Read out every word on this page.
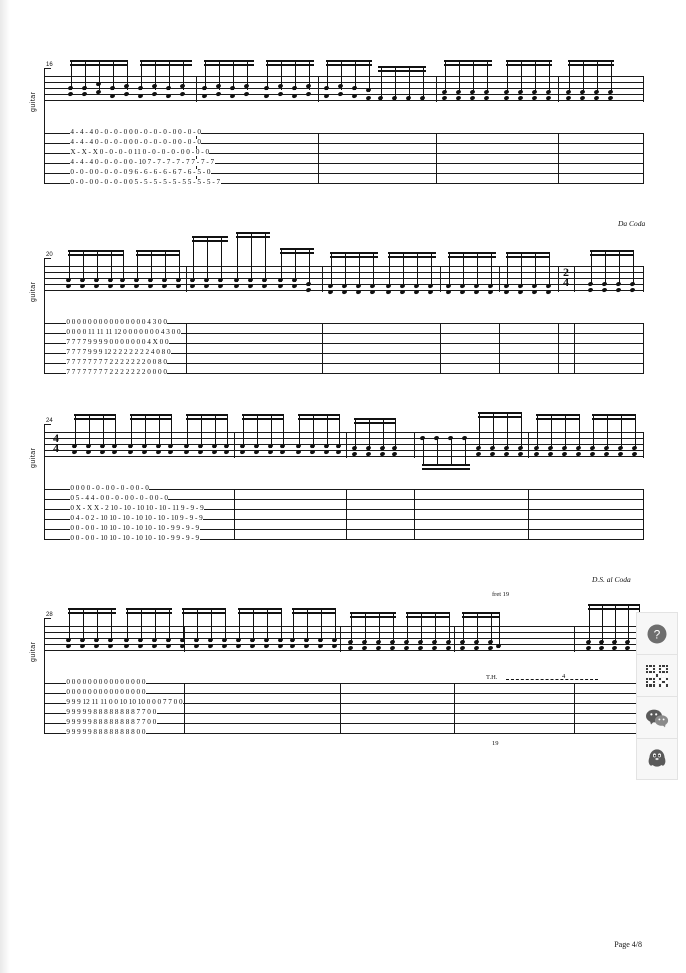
guitar
16
4 - 4 - 4 0 - 0 - 0 - 0 0 0 - 0 - 0 - 0 - 0 0 - 0 - 0
4 - 4 - 4 0 - 0 - 0 - 0 0 0 - 0 - 0 - 0 - 0 0 - 0 - 0
X - X - X 0 - 0 - 0 - 0 11 0 - 0 - 0 - 0 - 0 0 - 0 - 0
4 - 4 - 4 0 - 0 - 0 - 0 0 - 10 7 - 7 - 7 - 7 - 7 7 - 7 - 7
0 - 0 - 0 0 - 0 - 0 - 0 9 6 - 6 - 6 - 6 - 6 7 - 6 - 5 - 0
0 - 0 - 0 0 - 0 - 0 - 0 0 5 - 5 - 5 - 5 - 5 - 5 5 - 5 - 5 - 7
Da Coda
guitar
20
2
4
0 0 0 0 0 0 0 0 0 0 0 0 0 0 0 4 3 0 0
0 0 0 0 11 11 11 12 0 0 0 0 0 0 0 4 3 0 0
7 7 7 7 9 9 9 9 0 0 0 0 0 0 0 4 X 0 0
7 7 7 7 9 9 9 12 2 2 2 2 2 2 2 4 0 8 0
7 7 7 7 7 7 7 7 2 2 2 2 2 2 2 0 0 8 0
7 7 7 7 7 7 7 7 2 2 2 2 2 2 2 0 0 0 0
guitar
24
4
4
0 0 0 0 - 0 - 0 0 - 0 - 0 0 - 0
0 5 - 4 4 - 0 0 - 0 - 0 0 - 0 - 0 0 - 0
0 X - X X - 2 10 - 10 - 10 10 - 10 - 11 9 - 9 - 9
0 4 - 0 2 - 10 10 - 10 - 10 10 - 10 - 10 9 - 9 - 9
0 0 - 0 0 - 10 10 - 10 - 10 10 - 10 - 9 9 - 9 - 9
0 0 - 0 0 - 10 10 - 10 - 10 10 - 10 - 9 9 - 9 - 9
D.S. al Coda
fret 19
guitar
28
0 0 0 0 0 0 0 0 0 0 0 0 0 0 0
0 0 0 0 0 0 0 0 0 0 0 0 0 0 0
9 9 9 12 11 11 0 0 10 10 10 0 0 0 7 7 0 0
9 9 9 9 9 8 8 8 8 8 8 8 8 7 7 0 0
9 9 9 9 9 8 8 8 8 8 8 8 8 7 7 0 0
9 9 9 9 9 8 8 8 8 8 8 8 8 0 0
T.H.	4
19
Page 4/8
?
